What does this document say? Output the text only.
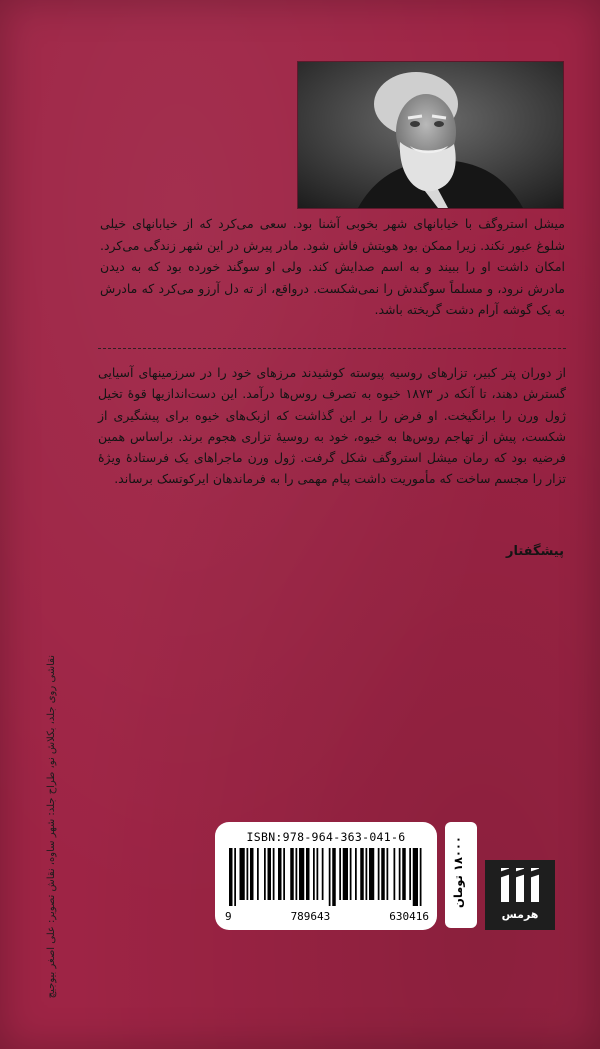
میشل استروگف با خیابانهای شهر بخوبی آشنا بود. سعی می‌کرد که از خیابانهای خیلی شلوغ عبور نکند. زیرا ممکن بود هویتش فاش شود. مادر پیرش در این شهر زندگی می‌کرد. امکان داشت او را ببیند و به اسم صدایش کند. ولی او سوگند خورده بود که به دیدن مادرش نرود، و مسلماً سوگندش را نمی‌شکست. درواقع، از ته دل آرزو می‌کرد که مادرش به یک گوشه آرام دشت گریخته باشد.
از دوران پتر کبیر، تزارهای روسیه پیوسته کوشیدند مرزهای خود را در سرزمینهای آسیایی گسترش دهند، تا آنکه در ۱۸۷۳ خیوه به تصرف روس‌ها درآمد. این دست‌اندازیها قوهٔ تخیل ژول ورن را برانگیخت. او فرض را بر این گذاشت که ازبک‌های خیوه برای پیشگیری از شکست، پیش از تهاجم روس‌ها به خیوه، خود به روسیهٔ تزاری هجوم برند. براساس همین فرضیه بود که رمان میشل استروگف شکل گرفت. ژول ورن ماجراهای یک فرستادهٔ ویژهٔ تزار را مجسم ساخت که مأموریت داشت پیام مهمی را به فرماندهان ایرکوتسک برساند.
پیشگفتار
نقاشی روی جلد، بکلاش نو، طراح جلد: شهر ساوه، نقاش تصویر: علی اصغر بیوجیچ	ISBN:978-964-363-041-6
9	789643	630416
۱۸۰۰۰ تومان
هرمس
